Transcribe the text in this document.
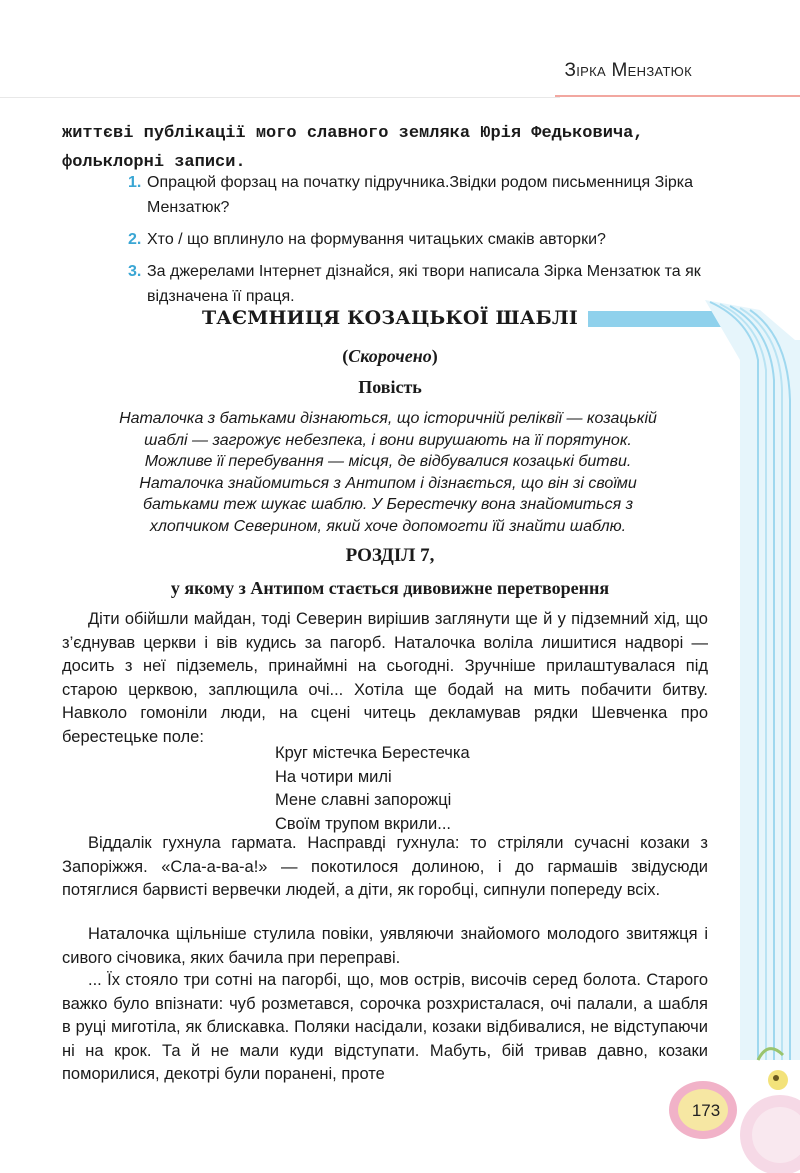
Зірка Мензатюк
життєві публікації мого славного земляка Юрія Федьковича, фольклорні записи.
1. Опрацюй форзац на початку підручника.Звідки родом письменниця Зірка Мензатюк?
2. Хто / що вплинуло на формування читацьких смаків авторки?
3. За джерелами Інтернет дізнайся, які твори написала Зірка Мензатюк та як відзначена її праця.
ТАЄМНИЦЯ КОЗАЦЬКОЇ ШАБЛІ
(Скорочено)
Повість
Наталочка з батьками дізнаються, що історичній реліквії — козацькій шаблі — загрожує небезпека, і вони вирушають на її порятунок. Можливе її перебування — місця, де відбувалися козацькі битви. Наталочка знайомиться з Антипом і дізнається, що він зі своїми батьками теж шукає шаблю. У Берестечку вона знайомиться з хлопчиком Северином, який хоче допомогти їй знайти шаблю.
РОЗДІЛ 7,
у якому з Антипом стається дивовижне перетворення
Діти обійшли майдан, тоді Северин вирішив заглянути ще й у підземний хід, що з’єднував церкви і вів кудись за пагорб. Наталочка воліла лишитися надворі — досить з неї підземель, принаймні на сьогодні. Зручніше прилаштувалася під старою церквою, заплющила очі... Хотіла ще бодай на мить побачити битву. Навколо гомоніли люди, на сцені читець декламував рядки Шевченка про берестецьке поле:
Круг містечка Берестечка
На чотири милі
Мене славні запорожці
Своїм трупом вкрили...
Віддалік гухнула гармата. Насправді гухнула: то стріляли сучасні козаки з Запоріжжя. «Сла-а-ва-а!» — покотилося долиною, і до гармашів звідусюди потяглися барвисті вервечки людей, а діти, як горобці, сипнули попереду всіх.
Наталочка щільніше стулила повіки, уявляючи знайомого молодого звитяжця і сивого січовика, яких бачила при переправі.
... Їх стояло три сотні на пагорбі, що, мов острів, височів серед болота. Старого важко було впізнати: чуб розметався, сорочка розхристалася, очі палали, а шабля в руці миготіла, як блискавка. Поляки насідали, козаки відбивалися, не відступаючи ні на крок. Та й не мали куди відступати. Мабуть, бій тривав давно, козаки поморилися, декотрі були поранені, проте
173
